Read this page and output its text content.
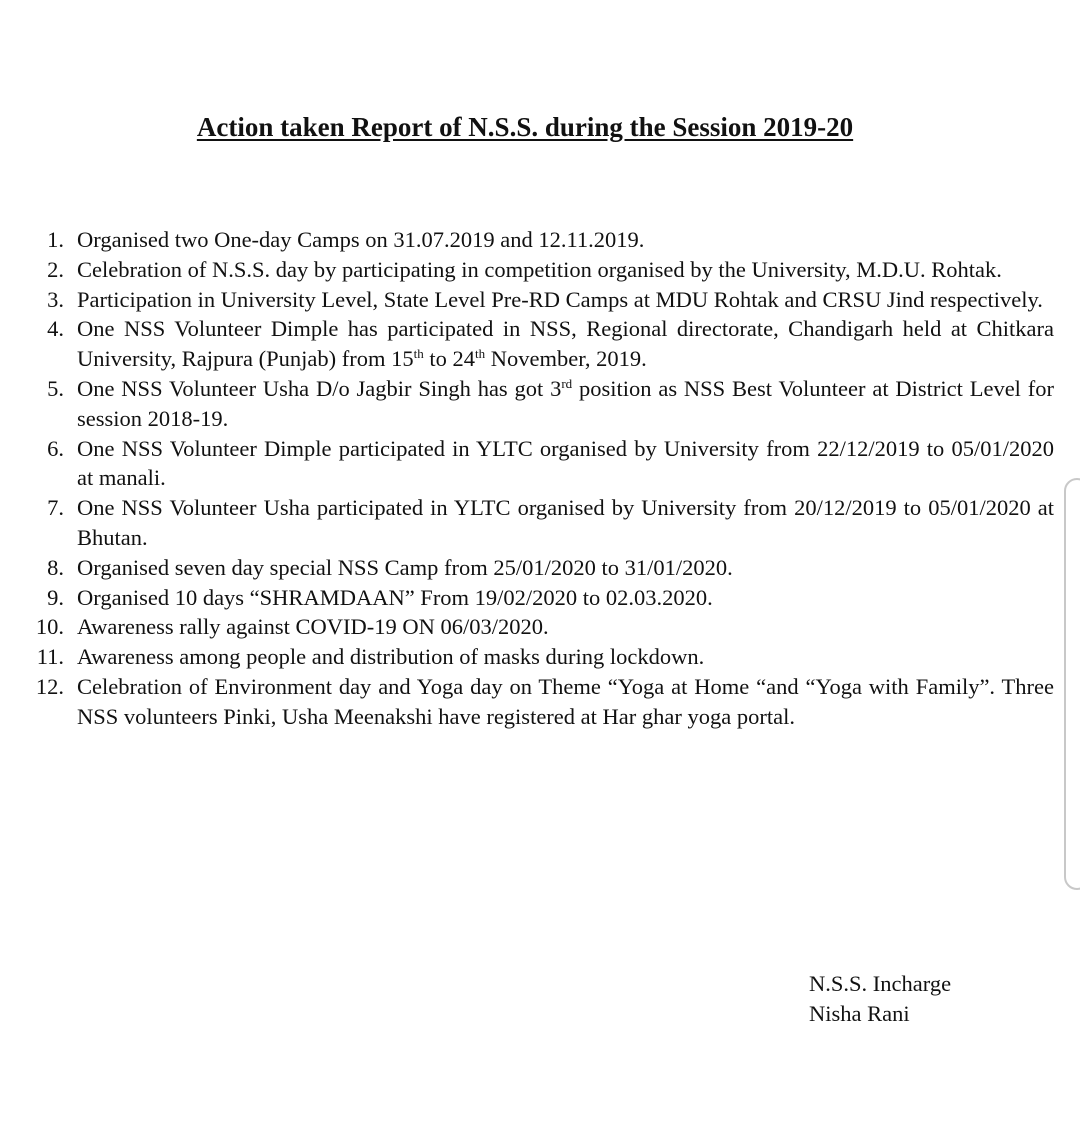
Action taken Report of N.S.S. during the Session 2019-20
1. Organised two One-day Camps on 31.07.2019 and 12.11.2019.
2. Celebration of N.S.S. day by participating in competition organised by the University, M.D.U. Rohtak.
3. Participation in University Level, State Level Pre-RD Camps at MDU Rohtak and CRSU Jind respectively.
4. One NSS Volunteer Dimple has participated in NSS, Regional directorate, Chandigarh held at Chitkara University, Rajpura (Punjab) from 15th to 24th November, 2019.
5. One NSS Volunteer Usha D/o Jagbir Singh has got 3rd position as NSS Best Volunteer at District Level for session 2018-19.
6. One NSS Volunteer Dimple participated in YLTC organised by University from 22/12/2019 to 05/01/2020 at manali.
7. One NSS Volunteer Usha participated in YLTC organised by University from 20/12/2019 to 05/01/2020 at Bhutan.
8. Organised seven day special NSS Camp from 25/01/2020 to 31/01/2020.
9. Organised 10 days “SHRAMDAAN” From 19/02/2020 to 02.03.2020.
10. Awareness rally against COVID-19 ON 06/03/2020.
11. Awareness among people and distribution of masks during lockdown.
12. Celebration of Environment day and Yoga day on Theme “Yoga at Home “and “Yoga with Family”. Three NSS volunteers Pinki, Usha Meenakshi have registered at Har ghar yoga portal.
N.S.S. Incharge
Nisha Rani
